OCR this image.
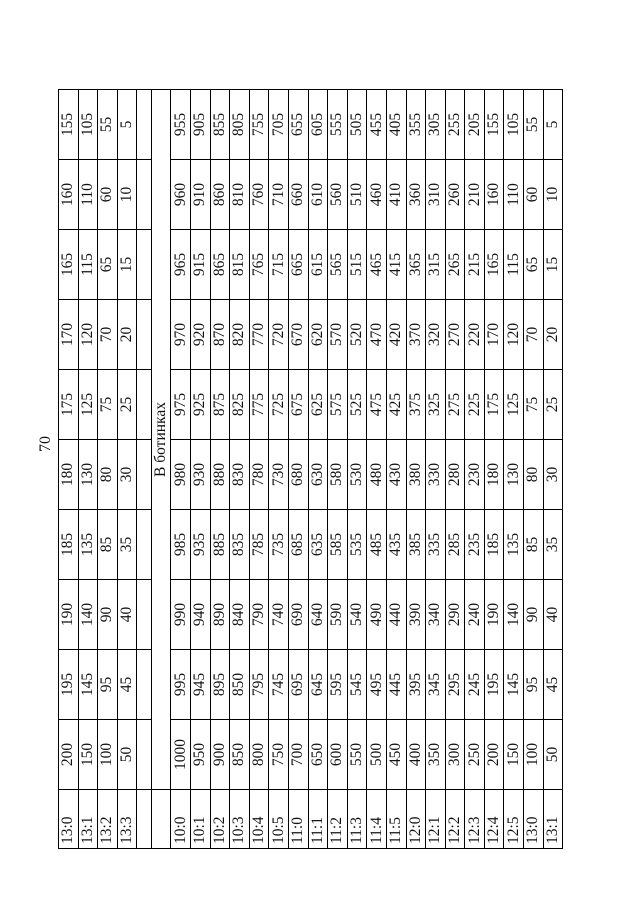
70
13:0	200	195	190	185	180	175	170	165	160	155
13:1	150	145	140	135	130	125	120	115	110	105
13:2	100	95	90	85	80	75	70	65	60	55
13:3	50	45	40	35	30	25	20	15	10	5

	В ботинках									
10:0	1000	995	990	985	980	975	970	965	960	955
10:1	950	945	940	935	930	925	920	915	910	905
10:2	900	895	890	885	880	875	870	865	860	855
10:3	850	850	840	835	830	825	820	815	810	805
10:4	800	795	790	785	780	775	770	765	760	755
10:5	750	745	740	735	730	725	720	715	710	705
11:0	700	695	690	685	680	675	670	665	660	655
11:1	650	645	640	635	630	625	620	615	610	605
11:2	600	595	590	585	580	575	570	565	560	555
11:3	550	545	540	535	530	525	520	515	510	505
11:4	500	495	490	485	480	475	470	465	460	455
11:5	450	445	440	435	430	425	420	415	410	405
12:0	400	395	390	385	380	375	370	365	360	355
12:1	350	345	340	335	330	325	320	315	310	305
12:2	300	295	290	285	280	275	270	265	260	255
12:3	250	245	240	235	230	225	220	215	210	205
12:4	200	195	190	185	180	175	170	165	160	155
12:5	150	145	140	135	130	125	120	115	110	105
13:0	100	95	90	85	80	75	70	65	60	55
13:1	50	45	40	35	30	25	20	15	10	5
